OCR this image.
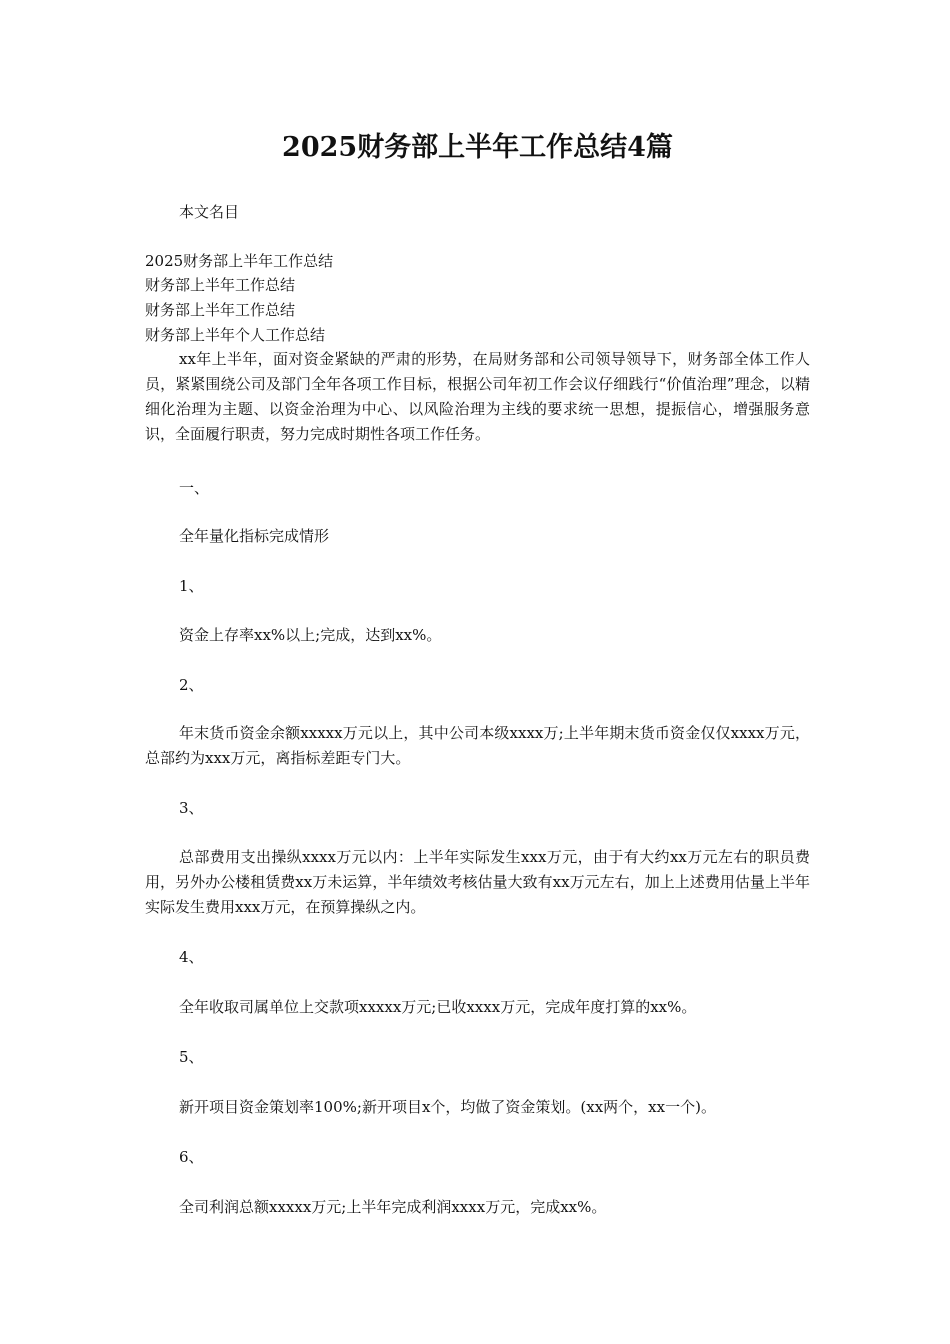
2025财务部上半年工作总结4篇
本文名目
2025财务部上半年工作总结
财务部上半年工作总结
财务部上半年工作总结
财务部上半年个人工作总结
xx年上半年，面对资金紧缺的严肃的形势，在局财务部和公司领导领导下，财务部全体工作人员，紧紧围绕公司及部门全年各项工作目标，根据公司年初工作会议仔细践行“价值治理”理念，以精细化治理为主题、以资金治理为中心、以风险治理为主线的要求统一思想，提振信心，增强服务意识，全面履行职责，努力完成时期性各项工作任务。
一、
全年量化指标完成情形
1、
资金上存率xx%以上;完成，达到xx%。
2、
年末货币资金余额xxxxx万元以上，其中公司本级xxxx万;上半年期末货币资金仅仅xxxx万元，总部约为xxx万元，离指标差距专门大。
3、
总部费用支出操纵xxxx万元以内：上半年实际发生xxx万元，由于有大约xx万元左右的职员费用，另外办公楼租赁费xx万未运算，半年绩效考核估量大致有xx万元左右，加上上述费用估量上半年实际发生费用xxx万元，在预算操纵之内。
4、
全年收取司属单位上交款项xxxxx万元;已收xxxx万元，完成年度打算的xx%。
5、
新开项目资金策划率100%;新开项目x个，均做了资金策划。(xx两个，xx一个)。
6、
全司利润总额xxxxx万元;上半年完成利润xxxx万元，完成xx%。
